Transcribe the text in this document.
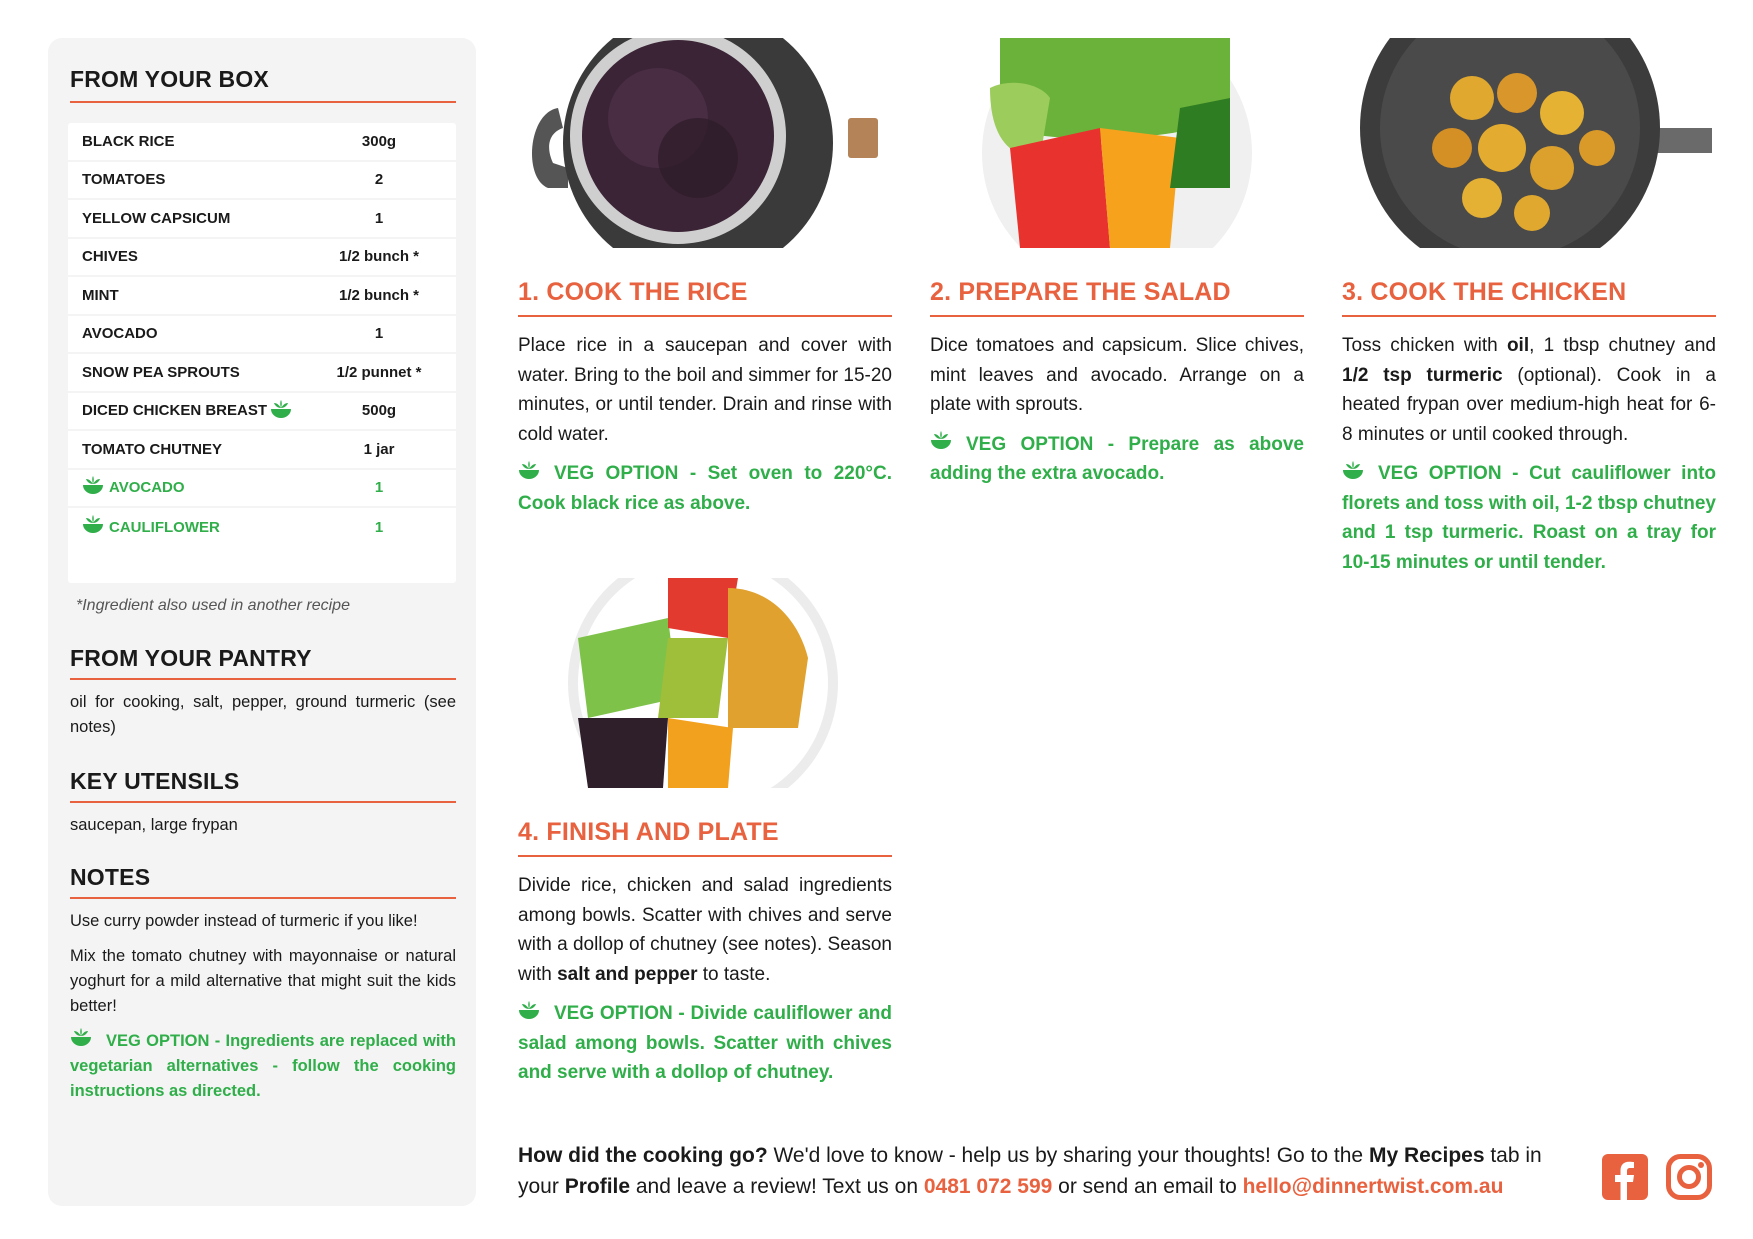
FROM YOUR BOX
BLACK RICE	300g
TOMATOES	2
YELLOW CAPSICUM	1
CHIVES	1/2 bunch *
MINT	1/2 bunch *
AVOCADO	1
SNOW PEA SPROUTS	1/2 punnet *
DICED CHICKEN BREAST	500g
TOMATO CHUTNEY	1 jar
AVOCADO	1
CAULIFLOWER	1
*Ingredient also used in another recipe
FROM YOUR PANTRY
oil for cooking, salt, pepper, ground turmeric (see notes)
KEY UTENSILS
saucepan, large frypan
NOTES
Use curry powder instead of turmeric if you like!
Mix the tomato chutney with mayonnaise or natural yoghurt for a mild alternative that might suit the kids better!
VEG OPTION - Ingredients are replaced with vegetarian alternatives - follow the cooking instructions as directed.
1. COOK THE RICE
Place rice in a saucepan and cover with water. Bring to the boil and simmer for 15-20 minutes, or until tender. Drain and rinse with cold water.
VEG OPTION - Set oven to 220°C. Cook black rice as above.
2. PREPARE THE SALAD
Dice tomatoes and capsicum. Slice chives, mint leaves and avocado. Arrange on a plate with sprouts.
VEG OPTION - Prepare as above adding the extra avocado.
3. COOK THE CHICKEN
Toss chicken with oil, 1 tbsp chutney and 1/2 tsp turmeric (optional). Cook in a heated frypan over medium-high heat for 6-8 minutes or until cooked through.
VEG OPTION - Cut cauliflower into florets and toss with oil, 1-2 tbsp chutney and 1 tsp turmeric. Roast on a tray for 10-15 minutes or until tender.
4. FINISH AND PLATE
Divide rice, chicken and salad ingredients among bowls. Scatter with chives and serve with a dollop of chutney (see notes). Season with salt and pepper to taste.
VEG OPTION - Divide cauliflower and salad among bowls. Scatter with chives and serve with a dollop of chutney.
How did the cooking go? We'd love to know - help us by sharing your thoughts! Go to the My Recipes tab in your Profile and leave a review! Text us on 0481 072 599 or send an email to hello@dinnertwist.com.au
